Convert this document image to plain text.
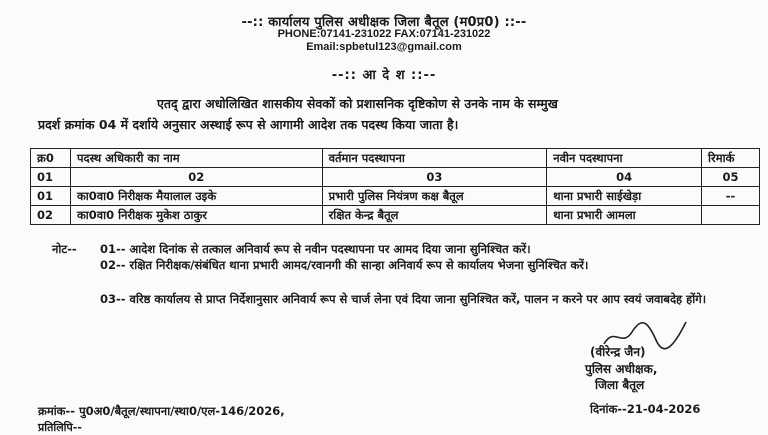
--:: कार्यालय पुलिस अधीक्षक जिला बैतूल (म0प्र0) ::--
PHONE:07141-231022 FAX:07141-231022
Email:spbetul123@gmail.com
--:: आ दे श ::--
एतद् द्वारा अधोलिखित शासकीय सेवकों को प्रशासनिक दृष्टिकोण से उनके नाम के सम्मुख
प्रदर्श क्रमांक 04 में दर्शाये अनुसार अस्थाई रूप से आगामी आदेश तक पदस्थ किया जाता है।
क्र0	पदस्थ अधिकारी का नाम	वर्तमान पदस्थापना	नवीन पदस्थापना	रिमार्क
01	02	03	04	05
01	का0वा0 निरीक्षक मैयालाल उइके	प्रभारी पुलिस नियंत्रण कक्ष बैतूल	थाना प्रभारी साईखेड़ा	--
02	का0वा0 निरीक्षक मुकेश ठाकुर	रक्षित केन्द्र बैतूल	थाना प्रभारी आमला	
नोट-- 01-- आदेश दिनांक से तत्काल अनिवार्य रूप से नवीन पदस्थापना पर आमद दिया जाना सुनिश्चित करें।
02-- रक्षित निरीक्षक/संबंधित थाना प्रभारी आमद/रवानगी की सान्हा अनिवार्य रूप से कार्यालय भेजना सुनिश्चित करें।
03-- वरिष्ठ कार्यालय से प्राप्त निर्देशानुसार अनिवार्य रूप से चार्ज लेना एवं दिया जाना सुनिश्चित करें, पालन न करने पर आप स्वयं जवाबदेह होंगे।
(वीरेन्द्र जैन)
पुलिस अधीक्षक,
जिला बैतूल
क्रमांक-- पु0अ0/बैतूल/स्थापना/स्था0/एल-146/2026,	दिनांक--21-04-2026
प्रतिलिपि--
